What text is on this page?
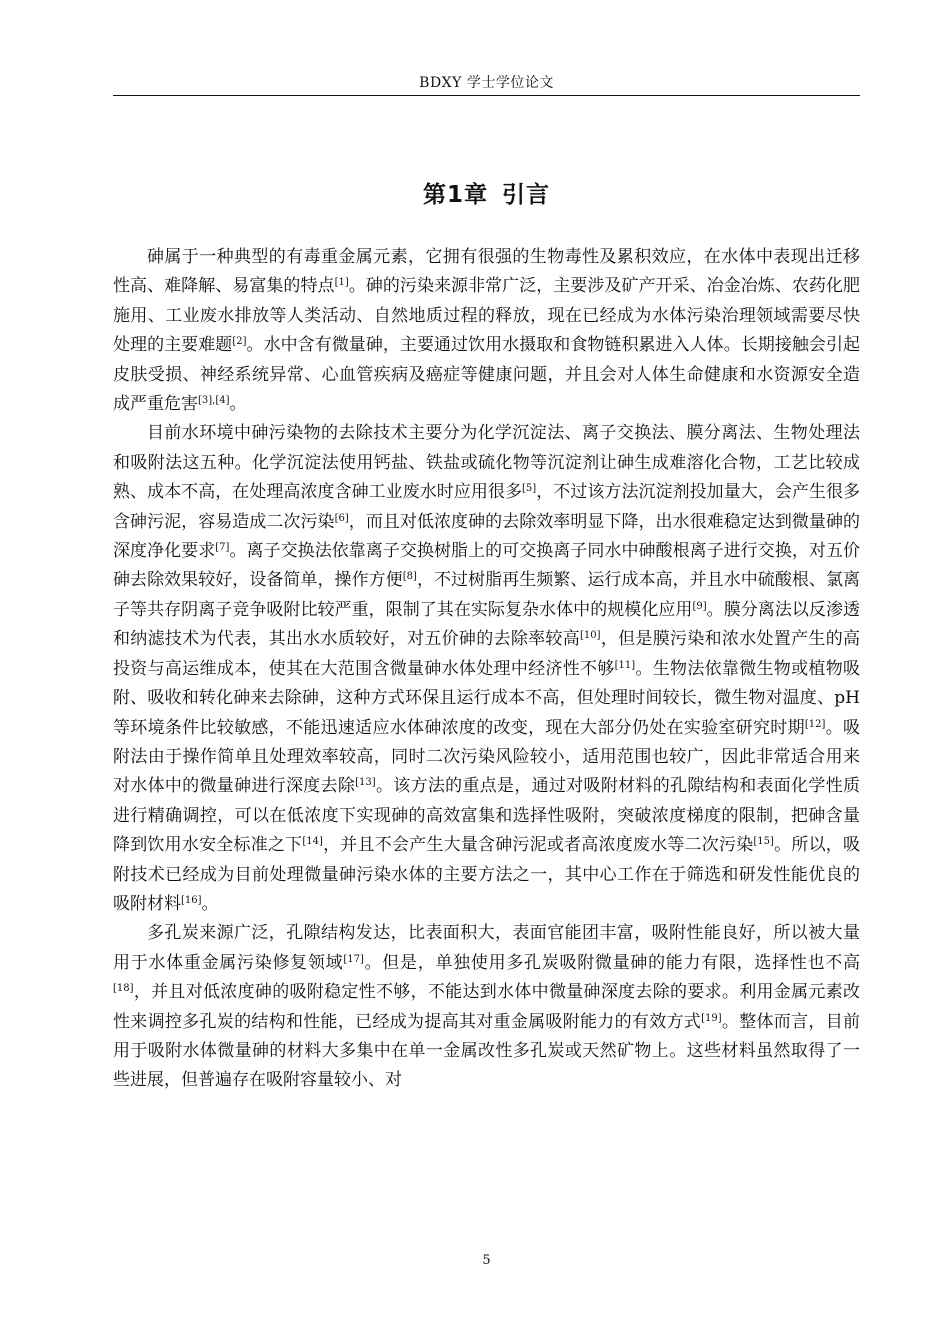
BDXY 学士学位论文
第1章 引言

砷属于一种典型的有毒重金属元素，它拥有很强的生物毒性及累积效应，在水体中表现出迁移性高、难降解、易富集的特点[1]。砷的污染来源非常广泛，主要涉及矿产开采、冶金冶炼、农药化肥施用、工业废水排放等人类活动、自然地质过程的释放，现在已经成为水体污染治理领域需要尽快处理的主要难题[2]。水中含有微量砷，主要通过饮用水摄取和食物链积累进入人体。长期接触会引起皮肤受损、神经系统异常、心血管疾病及癌症等健康问题，并且会对人体生命健康和水资源安全造成严重危害[3],[4]。

目前水环境中砷污染物的去除技术主要分为化学沉淀法、离子交换法、膜分离法、生物处理法和吸附法这五种。化学沉淀法使用钙盐、铁盐或硫化物等沉淀剂让砷生成难溶化合物，工艺比较成熟、成本不高，在处理高浓度含砷工业废水时应用很多[5]，不过该方法沉淀剂投加量大，会产生很多含砷污泥，容易造成二次污染[6]，而且对低浓度砷的去除效率明显下降，出水很难稳定达到微量砷的深度净化要求[7]。离子交换法依靠离子交换树脂上的可交换离子同水中砷酸根离子进行交换，对五价砷去除效果较好，设备简单，操作方便[8]，不过树脂再生频繁、运行成本高，并且水中硫酸根、氯离子等共存阴离子竞争吸附比较严重，限制了其在实际复杂水体中的规模化应用[9]。膜分离法以反渗透和纳滤技术为代表，其出水水质较好，对五价砷的去除率较高[10]，但是膜污染和浓水处置产生的高投资与高运维成本，使其在大范围含微量砷水体处理中经济性不够[11]。生物法依靠微生物或植物吸附、吸收和转化砷来去除砷，这种方式环保且运行成本不高，但处理时间较长，微生物对温度、pH 等环境条件比较敏感，不能迅速适应水体砷浓度的改变，现在大部分仍处在实验室研究时期[12]。吸附法由于操作简单且处理效率较高，同时二次污染风险较小，适用范围也较广，因此非常适合用来对水体中的微量砷进行深度去除[13]。该方法的重点是，通过对吸附材料的孔隙结构和表面化学性质进行精确调控，可以在低浓度下实现砷的高效富集和选择性吸附，突破浓度梯度的限制，把砷含量降到饮用水安全标准之下[14]，并且不会产生大量含砷污泥或者高浓度废水等二次污染[15]。所以，吸附技术已经成为目前处理微量砷污染水体的主要方法之一，其中心工作在于筛选和研发性能优良的吸附材料[16]。

多孔炭来源广泛，孔隙结构发达，比表面积大，表面官能团丰富，吸附性能良好，所以被大量用于水体重金属污染修复领域[17]。但是，单独使用多孔炭吸附微量砷的能力有限，选择性也不高[18]，并且对低浓度砷的吸附稳定性不够，不能达到水体中微量砷深度去除的要求。利用金属元素改性来调控多孔炭的结构和性能，已经成为提高其对重金属吸附能力的有效方式[19]。整体而言，目前用于吸附水体微量砷的材料大多集中在单一金属改性多孔炭或天然矿物上。这些材料虽然取得了一些进展，但普遍存在吸附容量较小、对

5
